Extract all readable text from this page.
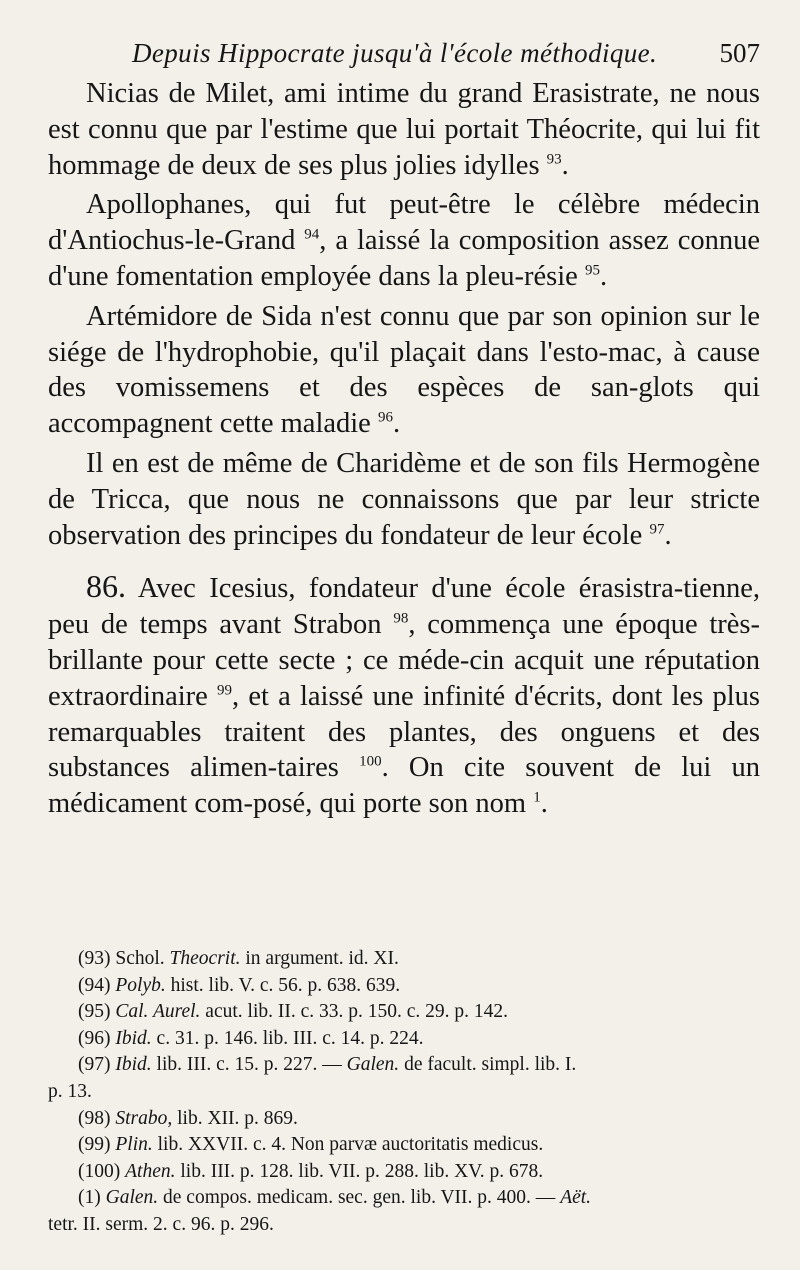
Depuis Hippocrate jusqu'à l'école méthodique. 507

Nicias de Milet, ami intime du grand Erasistrate, ne nous est connu que par l'estime que lui portait Théocrite, qui lui fit hommage de deux de ses plus jolies idylles $^{93}$.

Apollophanes, qui fut peut-être le célèbre médecin d'Antiochus-le-Grand $^{94}$, a laissé la composition assez connue d'une fomentation employée dans la pleu-résie $^{95}$.

Artémidore de Sida n'est connu que par son opinion sur le siége de l'hydrophobie, qu'il plaçait dans l'esto-mac, à cause des vomissemens et des espèces de san-glots qui accompagnent cette maladie $^{96}$.

Il en est de même de Charidème et de son fils Hermogène de Tricca, que nous ne connaissons que par leur stricte observation des principes du fondateur de leur école $^{97}$.

86. Avec Icesius, fondateur d'une école érasistra-tienne, peu de temps avant Strabon $^{98}$, commença une époque très-brillante pour cette secte ; ce méde-cin acquit une réputation extraordinaire $^{99}$, et a laissé une infinité d'écrits, dont les plus remarquables traitent des plantes, des onguens et des substances alimen-taires $^{100}$. On cite souvent de lui un médicament com-posé, qui porte son nom $^1$.

(93) Schol. Theocrit. in argument. id. XI.

(94) Polyb. hist. lib. V. c. 56. p. 638. 639.

(95) Cal. Aurel. acut. lib. II. c. 33. p. 150. c. 29. p. 142.

(96) Ibid. c. 31. p. 146. lib. III. c. 14. p. 224.

(97) Ibid. lib. III. c. 15. p. 227. — Galen. de facult. simpl. lib. I.

p. 13.

(98) Strabo, lib. XII. p. 869.

(99) Plin. lib. XXVII. c. 4. Non parvæ auctoritatis medicus.

(100) Athen. lib. III. p. 128. lib. VII. p. 288. lib. XV. p. 678.

(1) Galen. de compos. medicam. sec. gen. lib. VII. p. 400. — Aët.

tetr. II. serm. 2. c. 96. p. 296.
